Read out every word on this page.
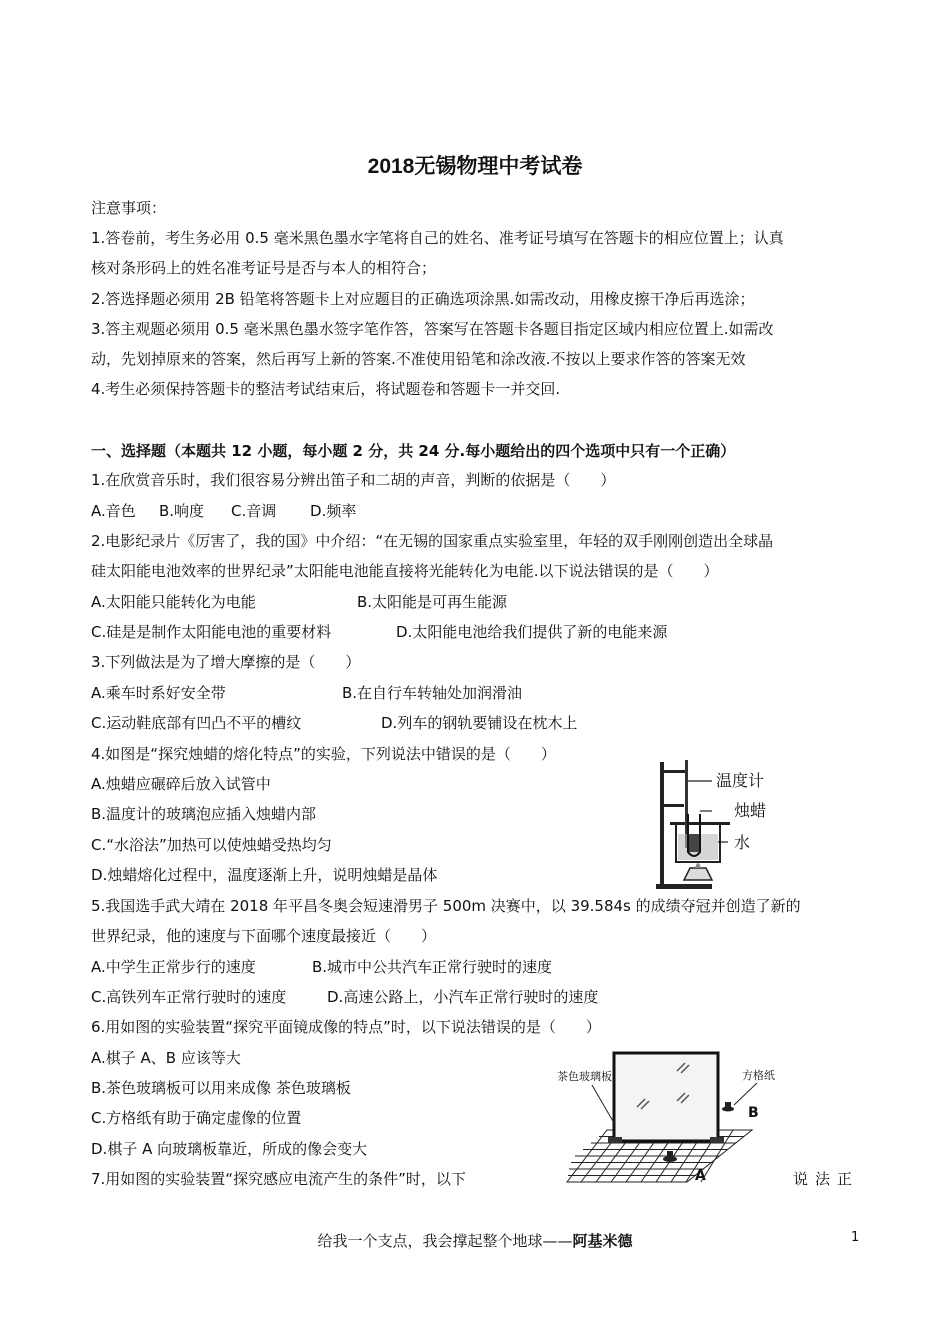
2018无锡物理中考试卷
注意事项：
1.答卷前，考生务必用 0.5 毫米黑色墨水字笔将自己的姓名、准考证号填写在答题卡的相应位置上；认真
核对条形码上的姓名准考证号是否与本人的相符合；
2.答选择题必须用 2B 铅笔将答题卡上对应题目的正确选项涂黑.如需改动，用橡皮擦干净后再选涂；
3.答主观题必须用 0.5 毫米黑色墨水签字笔作答，答案写在答题卡各题目指定区域内相应位置上.如需改
动，先划掉原来的答案，然后再写上新的答案.不准使用铅笔和涂改液.不按以上要求作答的答案无效
4.考生必须保持答题卡的整洁考试结束后，将试题卷和答题卡一并交回.
一、选择题（本题共 12 小题，每小题 2 分，共 24 分.每小题给出的四个选项中只有一个正确）
1.在欣赏音乐时，我们很容易分辨出笛子和二胡的声音，判断的依据是（　　）
A.音色 B.响度 C.音调 D.频率
2.电影纪录片《厉害了，我的国》中介绍：“在无锡的国家重点实验室里，年轻的双手刚刚创造出全球晶
硅太阳能电池效率的世界纪录”太阳能电池能直接将光能转化为电能.以下说法错误的是（　　）
A.太阳能只能转化为电能	B.太阳能是可再生能源
C.硅是是制作太阳能电池的重要材料	D.太阳能电池给我们提供了新的电能来源
3.下列做法是为了增大摩擦的是（　　）
A.乘车时系好安全带	B.在自行车转轴处加润滑油
C.运动鞋底部有凹凸不平的槽纹	D.列车的钢轨要铺设在枕木上
4.如图是“探究烛蜡的熔化特点”的实验，下列说法中错误的是（　　）
A.烛蜡应碾碎后放入试管中
B.温度计的玻璃泡应插入烛蜡内部
C.“水浴法”加热可以使烛蜡受热均匀
D.烛蜡熔化过程中，温度逐渐上升，说明烛蜡是晶体
温度计
烛蜡
水
5.我国选手武大靖在 2018 年平昌冬奥会短速滑男子 500m 决赛中，以 39.584s 的成绩夺冠并创造了新的
世界纪录，他的速度与下面哪个速度最接近（　　）
A.中学生正常步行的速度	B.城市中公共汽车正常行驶时的速度
C.高铁列车正常行驶时的速度	D.高速公路上，小汽车正常行驶时的速度
6.用如图的实验装置“探究平面镜成像的特点”时，以下说法错误的是（　　）
A.棋子 A、B 应该等大
B.茶色玻璃板可以用来成像 茶色玻璃板
C.方格纸有助于确定虚像的位置
D.棋子 A 向玻璃板靠近，所成的像会变大
茶色玻璃板	方格纸
A
B
7.用如图的实验装置“探究感应电流产生的条件”时，以下	说法正
给我一个支点，我会撑起整个地球——阿基米德	1
